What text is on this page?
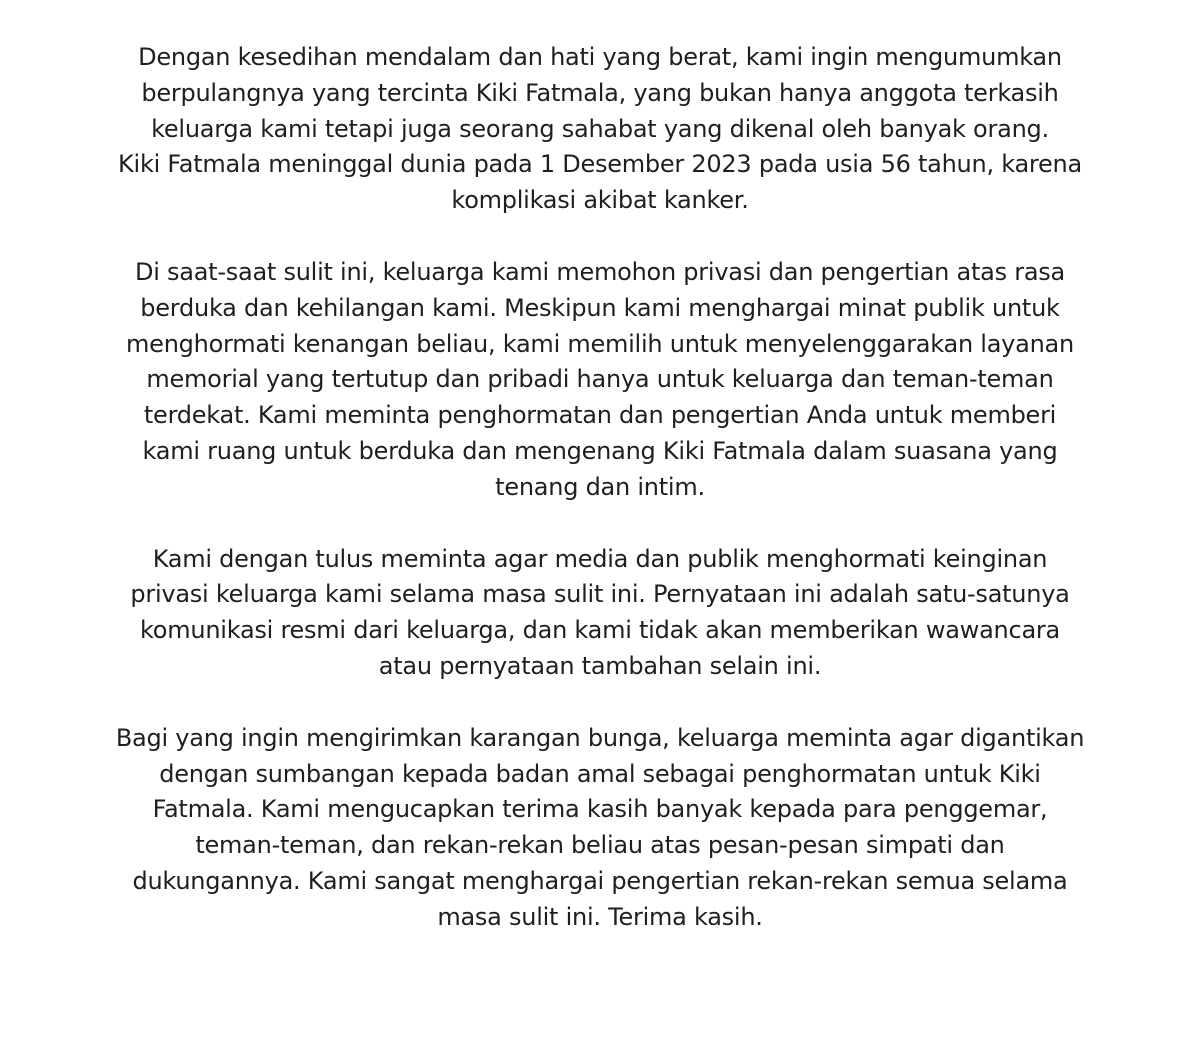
Dengan kesedihan mendalam dan hati yang berat, kami ingin mengumumkan
berpulangnya yang tercinta Kiki Fatmala, yang bukan hanya anggota terkasih
keluarga kami tetapi juga seorang sahabat yang dikenal oleh banyak orang.
Kiki Fatmala meninggal dunia pada 1 Desember 2023 pada usia 56 tahun, karena
komplikasi akibat kanker.

Di saat-saat sulit ini, keluarga kami memohon privasi dan pengertian atas rasa
berduka dan kehilangan kami. Meskipun kami menghargai minat publik untuk
menghormati kenangan beliau, kami memilih untuk menyelenggarakan layanan
memorial yang tertutup dan pribadi hanya untuk keluarga dan teman-teman
terdekat. Kami meminta penghormatan dan pengertian Anda untuk memberi
kami ruang untuk berduka dan mengenang Kiki Fatmala dalam suasana yang
tenang dan intim.

Kami dengan tulus meminta agar media dan publik menghormati keinginan
privasi keluarga kami selama masa sulit ini. Pernyataan ini adalah satu-satunya
komunikasi resmi dari keluarga, dan kami tidak akan memberikan wawancara
atau pernyataan tambahan selain ini.

Bagi yang ingin mengirimkan karangan bunga, keluarga meminta agar digantikan
dengan sumbangan kepada badan amal sebagai penghormatan untuk Kiki
Fatmala. Kami mengucapkan terima kasih banyak kepada para penggemar,
teman-teman, dan rekan-rekan beliau atas pesan-pesan simpati dan
dukungannya. Kami sangat menghargai pengertian rekan-rekan semua selama
masa sulit ini. Terima kasih.
